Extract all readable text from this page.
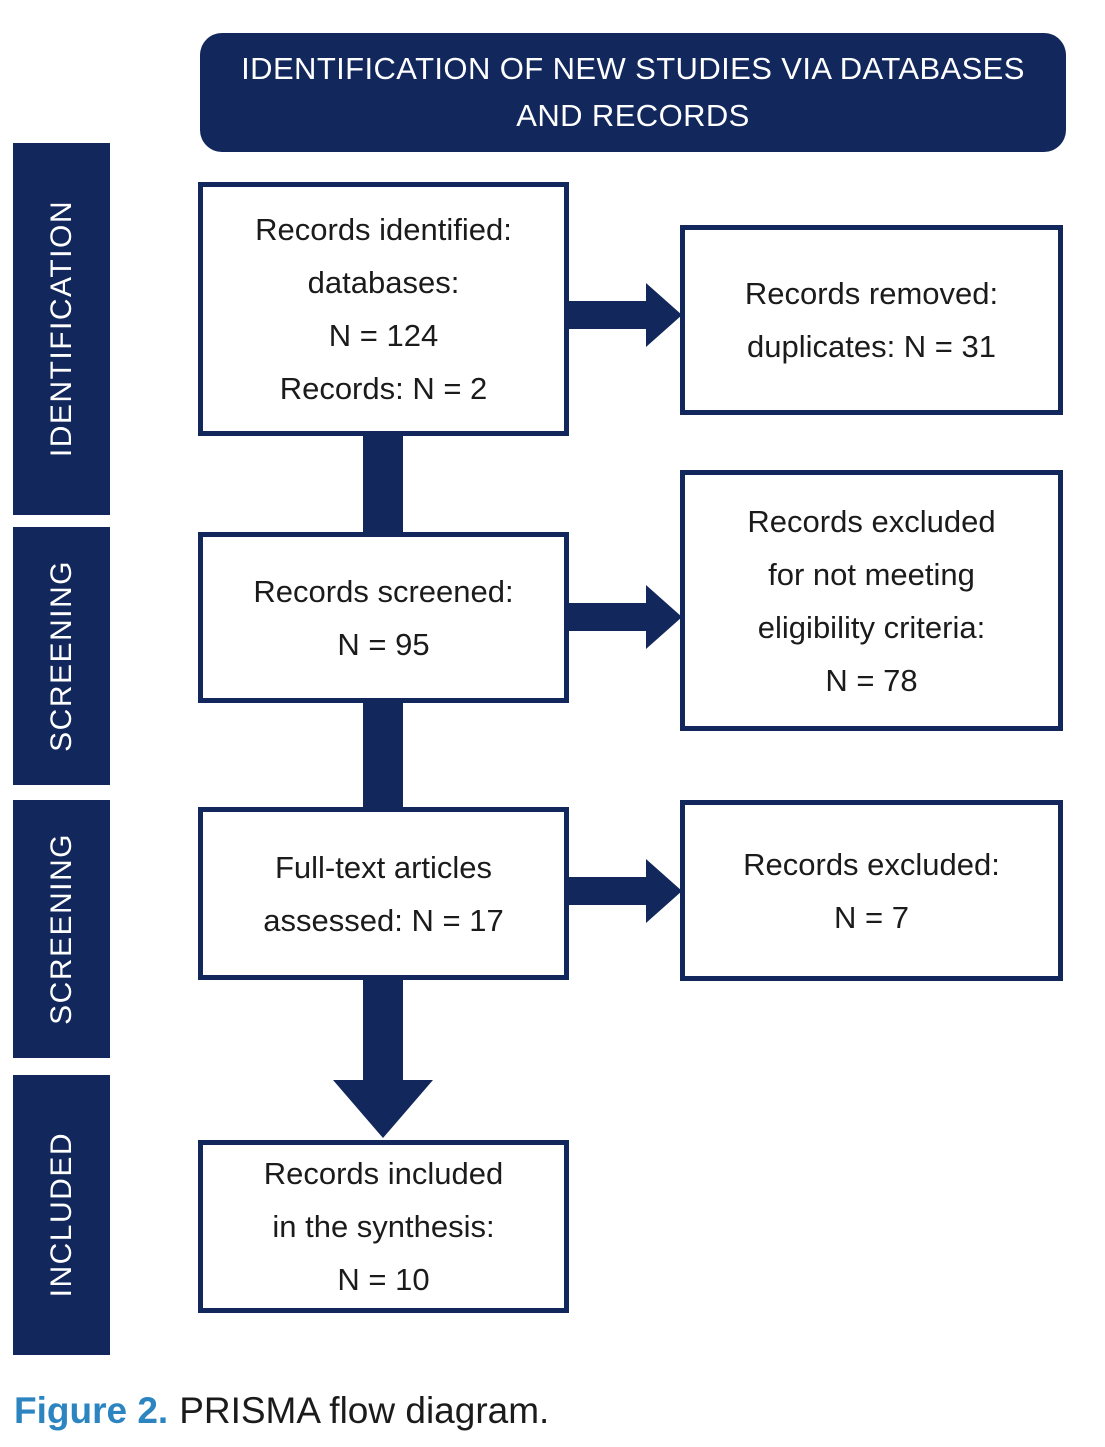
IDENTIFICATION OF NEW STUDIES VIA DATABASES
AND RECORDS
IDENTIFICATION
SCREENING
SCREENING
INCLUDED
Records identified:
databases:
N = 124
Records: N = 2
Records screened:
N = 95
Full-text articles
assessed: N = 17
Records included
in the synthesis:
N = 10
Records removed:
duplicates: N = 31
Records excluded
for not meeting
eligibility criteria:
N = 78
Records excluded:
N = 7
Figure 2. PRISMA flow diagram.
